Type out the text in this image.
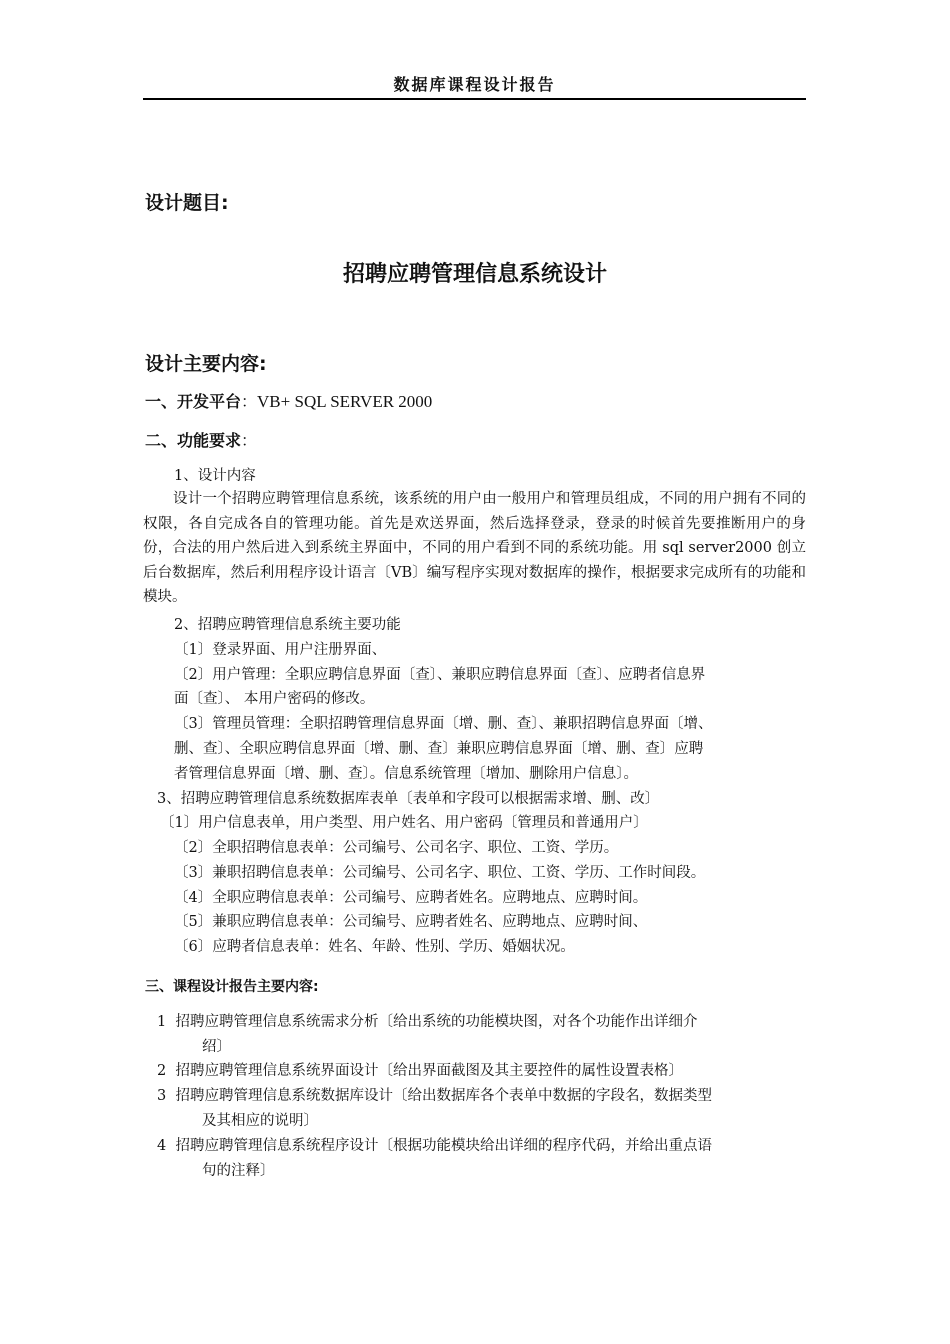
数据库课程设计报告
设计题目:
招聘应聘管理信息系统设计
设计主要内容:
一、开发平台：VB+ SQL SERVER 2000
二、功能要求：
1、设计内容
设计一个招聘应聘管理信息系统，该系统的用户由一般用户和管理员组成，不同的用户拥有不同的权限，各自完成各自的管理功能。首先是欢送界面，然后选择登录，登录的时候首先要推断用户的身份，合法的用户然后进入到系统主界面中，不同的用户看到不同的系统功能。用 sql server2000 创立后台数据库，然后利用程序设计语言〔VB〕编写程序实现对数据库的操作，根据要求完成所有的功能和模块。
2、招聘应聘管理信息系统主要功能
〔1〕登录界面、用户注册界面、
〔2〕用户管理：全职应聘信息界面〔查〕、兼职应聘信息界面〔查〕、应聘者信息界
面〔查〕、 本用户密码的修改。
〔3〕管理员管理：全职招聘管理信息界面〔增、删、查〕、兼职招聘信息界面〔增、
删、查〕、全职应聘信息界面〔增、删、查〕兼职应聘信息界面〔增、删、查〕应聘
者管理信息界面〔增、删、查〕。信息系统管理〔增加、删除用户信息〕。
3、招聘应聘管理信息系统数据库表单〔表单和字段可以根据需求增、删、改〕
〔1〕用户信息表单，用户类型、用户姓名、用户密码〔管理员和普通用户〕
〔2〕全职招聘信息表单：公司编号、公司名字、职位、工资、学历。
〔3〕兼职招聘信息表单：公司编号、公司名字、职位、工资、学历、工作时间段。
〔4〕全职应聘信息表单：公司编号、应聘者姓名。应聘地点、应聘时间。
〔5〕兼职应聘信息表单：公司编号、应聘者姓名、应聘地点、应聘时间、
〔6〕应聘者信息表单：姓名、年龄、性别、学历、婚姻状况。
三、课程设计报告主要内容:
1 招聘应聘管理信息系统需求分析〔给出系统的功能模块图，对各个功能作出详细介
绍〕
2 招聘应聘管理信息系统界面设计〔给出界面截图及其主要控件的属性设置表格〕
3 招聘应聘管理信息系统数据库设计〔给出数据库各个表单中数据的字段名，数据类型
及其相应的说明〕
4 招聘应聘管理信息系统程序设计〔根据功能模块给出详细的程序代码，并给出重点语
句的注释〕
